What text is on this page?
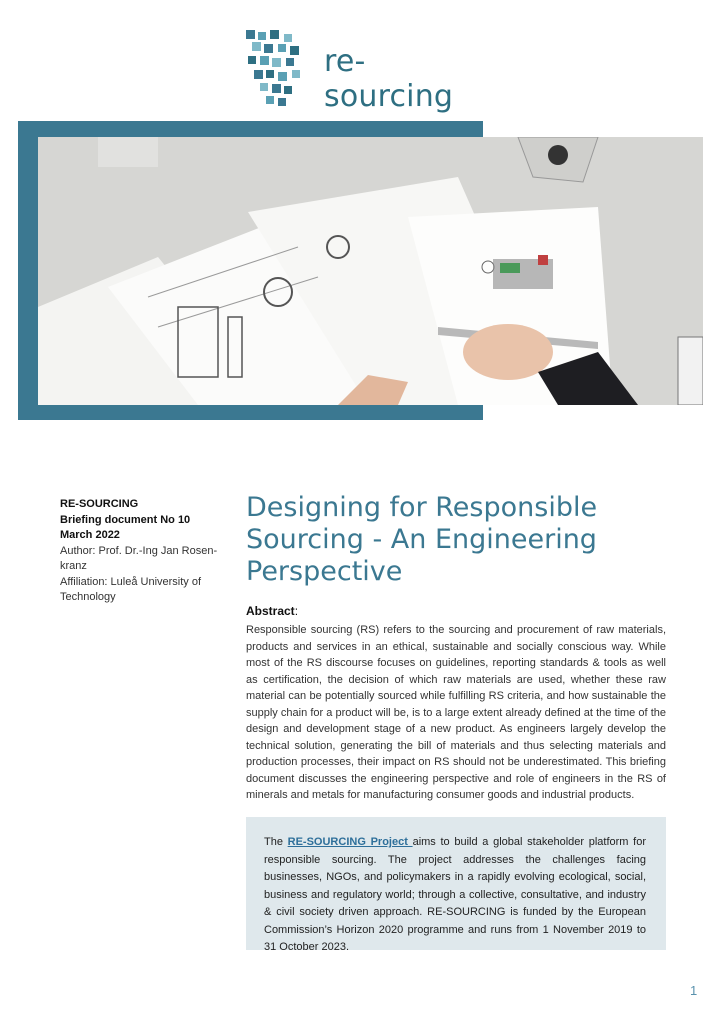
re-sourcing
RE-SOURCING
Briefing document No 10
March 2022
Author: Prof. Dr.-Ing Jan Rosen-kranz
Affiliation: Luleå University of Technology
Designing for Responsible Sourcing - An Engineering Perspective
Abstract:

Responsible sourcing (RS) refers to the sourcing and procurement of raw materials, products and services in an ethical, sustainable and socially conscious way. While most of the RS discourse focuses on guidelines, reporting standards & tools as well as certification, the decision of which raw materials are used, whether these raw material can be potentially sourced while fulfilling RS criteria, and how sustainable the supply chain for a product will be, is to a large extent already defined at the time of the design and development stage of a new product. As engineers largely develop the technical solution, generating the bill of materials and thus selecting materials and production processes, their impact on RS should not be underestimated. This briefing document discusses the engineering perspective and role of engineers in the RS of minerals and metals for manufacturing consumer goods and industrial products.

The RE-SOURCING Project aims to build a global stakeholder platform for responsible sourcing. The project addresses the challenges facing businesses, NGOs, and policymakers in a rapidly evolving ecological, social, business and regulatory world; through a collective, consultative, and industry & civil society driven approach. RE-SOURCING is funded by the European Commission’s Horizon 2020 programme and runs from 1 November 2019 to 31 October 2023.

1
